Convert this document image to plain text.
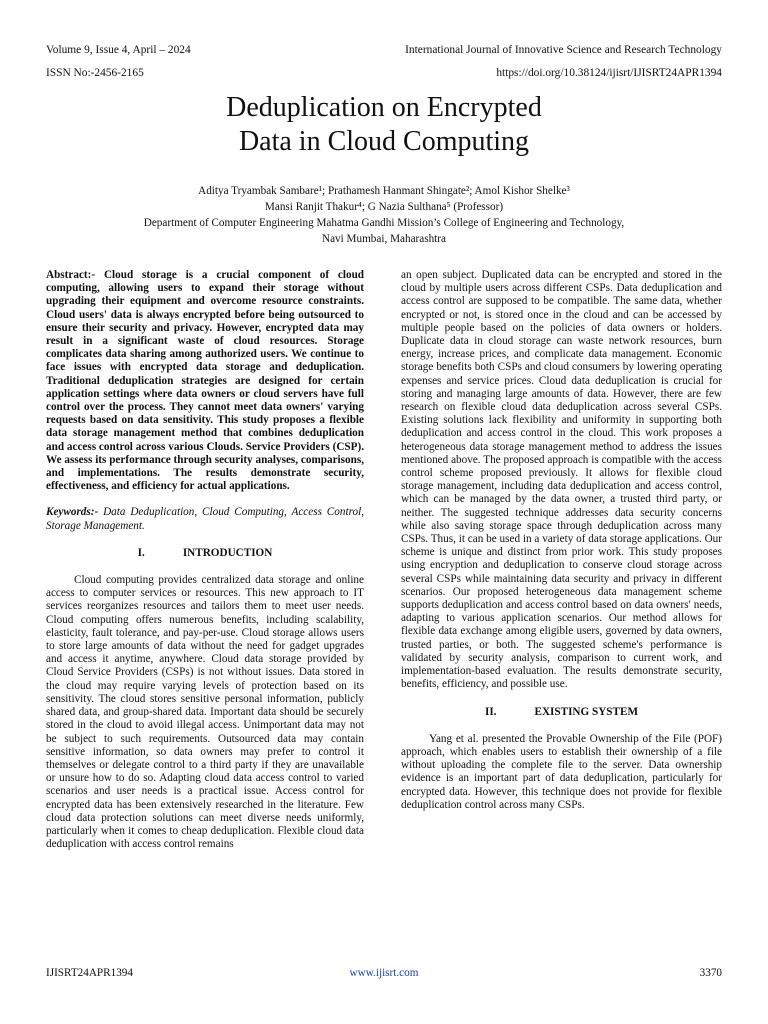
Volume 9, Issue 4, April – 2024	International Journal of Innovative Science and Research Technology
ISSN No:-2456-2165	https://doi.org/10.38124/ijisrt/IJISRT24APR1394
Deduplication on Encrypted
Data in Cloud Computing
Aditya Tryambak Sambare¹; Prathamesh Hanmant Shingate²; Amol Kishor Shelke³
Mansi Ranjit Thakur⁴; G Nazia Sulthana⁵ (Professor)
Department of Computer Engineering Mahatma Gandhi Mission’s College of Engineering and Technology,
Navi Mumbai, Maharashtra

Abstract:- Cloud storage is a crucial component of cloud computing, allowing users to expand their storage without upgrading their equipment and overcome resource constraints. Cloud users' data is always encrypted before being outsourced to ensure their security and privacy. However, encrypted data may result in a significant waste of cloud resources. Storage complicates data sharing among authorized users. We continue to face issues with encrypted data storage and deduplication. Traditional deduplication strategies are designed for certain application settings where data owners or cloud servers have full control over the process. They cannot meet data owners' varying requests based on data sensitivity. This study proposes a flexible data storage management method that combines deduplication and access control across various Clouds. Service Providers (CSP). We assess its performance through security analyses, comparisons, and implementations. The results demonstrate security, effectiveness, and efficiency for actual applications.

Keywords:- Data Deduplication, Cloud Computing, Access Control, Storage Management.

I.	INTRODUCTION

Cloud computing provides centralized data storage and online access to computer services or resources. This new approach to IT services reorganizes resources and tailors them to meet user needs. Cloud computing offers numerous benefits, including scalability, elasticity, fault tolerance, and pay-per-use. Cloud storage allows users to store large amounts of data without the need for gadget upgrades and access it anytime, anywhere. Cloud data storage provided by Cloud Service Providers (CSPs) is not without issues. Data stored in the cloud may require varying levels of protection based on its sensitivity. The cloud stores sensitive personal information, publicly shared data, and group-shared data. Important data should be securely stored in the cloud to avoid illegal access. Unimportant data may not be subject to such requirements. Outsourced data may contain sensitive information, so data owners may prefer to control it themselves or delegate control to a third party if they are unavailable or unsure how to do so. Adapting cloud data access control to varied scenarios and user needs is a practical issue. Access control for encrypted data has been extensively researched in the literature. Few cloud data protection solutions can meet diverse needs uniformly, particularly when it comes to cheap deduplication. Flexible cloud data deduplication with access control remains

an open subject. Duplicated data can be encrypted and stored in the cloud by multiple users across different CSPs. Data deduplication and access control are supposed to be compatible. The same data, whether encrypted or not, is stored once in the cloud and can be accessed by multiple people based on the policies of data owners or holders. Duplicate data in cloud storage can waste network resources, burn energy, increase prices, and complicate data management. Economic storage benefits both CSPs and cloud consumers by lowering operating expenses and service prices. Cloud data deduplication is crucial for storing and managing large amounts of data. However, there are few research on flexible cloud data deduplication across several CSPs. Existing solutions lack flexibility and uniformity in supporting both deduplication and access control in the cloud. This work proposes a heterogeneous data storage management method to address the issues mentioned above. The proposed approach is compatible with the access control scheme proposed previously. It allows for flexible cloud storage management, including data deduplication and access control, which can be managed by the data owner, a trusted third party, or neither. The suggested technique addresses data security concerns while also saving storage space through deduplication across many CSPs. Thus, it can be used in a variety of data storage applications. Our scheme is unique and distinct from prior work. This study proposes using encryption and deduplication to conserve cloud storage across several CSPs while maintaining data security and privacy in different scenarios. Our proposed heterogeneous data management scheme supports deduplication and access control based on data owners' needs, adapting to various application scenarios. Our method allows for flexible data exchange among eligible users, governed by data owners, trusted parties, or both. The suggested scheme's performance is validated by security analysis, comparison to current work, and implementation-based evaluation. The results demonstrate security, benefits, efficiency, and possible use.

II.	EXISTING SYSTEM

Yang et al. presented the Provable Ownership of the File (POF) approach, which enables users to establish their ownership of a file without uploading the complete file to the server. Data ownership evidence is an important part of data deduplication, particularly for encrypted data. However, this technique does not provide for flexible deduplication control across many CSPs.

IJISRT24APR1394	www.ijisrt.com	3370
